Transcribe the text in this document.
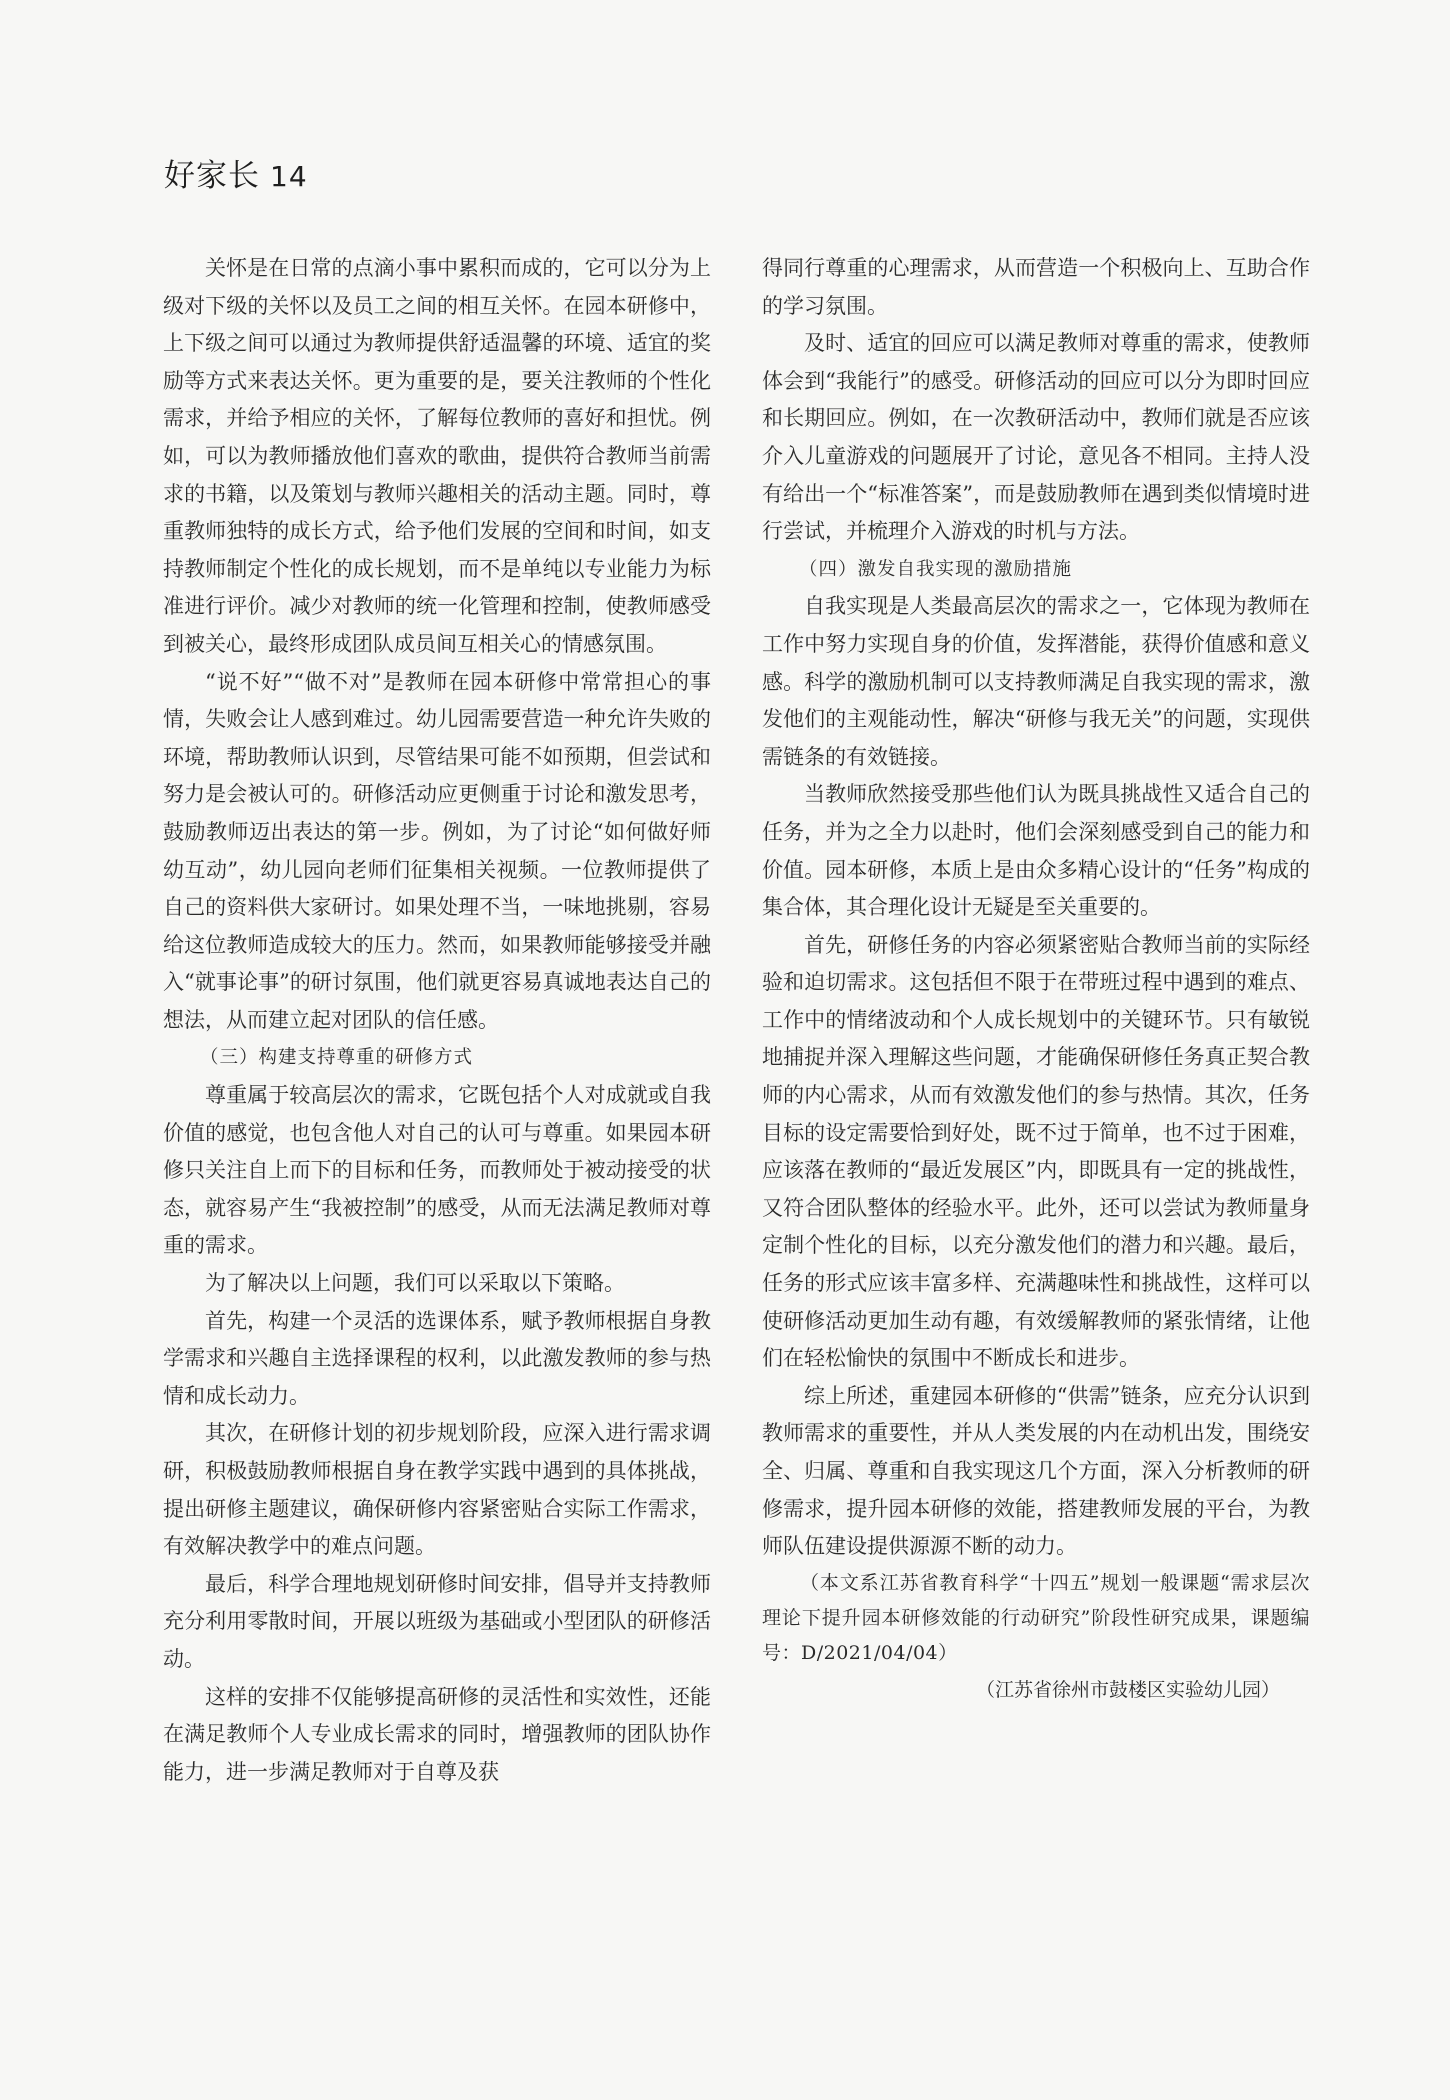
好家长 14

关怀是在日常的点滴小事中累积而成的，它可以分为上级对下级的关怀以及员工之间的相互关怀。在园本研修中，上下级之间可以通过为教师提供舒适温馨的环境、适宜的奖励等方式来表达关怀。更为重要的是，要关注教师的个性化需求，并给予相应的关怀，了解每位教师的喜好和担忧。例如，可以为教师播放他们喜欢的歌曲，提供符合教师当前需求的书籍，以及策划与教师兴趣相关的活动主题。同时，尊重教师独特的成长方式，给予他们发展的空间和时间，如支持教师制定个性化的成长规划，而不是单纯以专业能力为标准进行评价。减少对教师的统一化管理和控制，使教师感受到被关心，最终形成团队成员间互相关心的情感氛围。

“说不好”“做不对”是教师在园本研修中常常担心的事情，失败会让人感到难过。幼儿园需要营造一种允许失败的环境，帮助教师认识到，尽管结果可能不如预期，但尝试和努力是会被认可的。研修活动应更侧重于讨论和激发思考，鼓励教师迈出表达的第一步。例如，为了讨论“如何做好师幼互动”，幼儿园向老师们征集相关视频。一位教师提供了自己的资料供大家研讨。如果处理不当，一味地挑剔，容易给这位教师造成较大的压力。然而，如果教师能够接受并融入“就事论事”的研讨氛围，他们就更容易真诚地表达自己的想法，从而建立起对团队的信任感。

（三）构建支持尊重的研修方式

尊重属于较高层次的需求，它既包括个人对成就或自我价值的感觉，也包含他人对自己的认可与尊重。如果园本研修只关注自上而下的目标和任务，而教师处于被动接受的状态，就容易产生“我被控制”的感受，从而无法满足教师对尊重的需求。

为了解决以上问题，我们可以采取以下策略。

首先，构建一个灵活的选课体系，赋予教师根据自身教学需求和兴趣自主选择课程的权利，以此激发教师的参与热情和成长动力。

其次，在研修计划的初步规划阶段，应深入进行需求调研，积极鼓励教师根据自身在教学实践中遇到的具体挑战，提出研修主题建议，确保研修内容紧密贴合实际工作需求，有效解决教学中的难点问题。

最后，科学合理地规划研修时间安排，倡导并支持教师充分利用零散时间，开展以班级为基础或小型团队的研修活动。

这样的安排不仅能够提高研修的灵活性和实效性，还能在满足教师个人专业成长需求的同时，增强教师的团队协作能力，进一步满足教师对于自尊及获

得同行尊重的心理需求，从而营造一个积极向上、互助合作的学习氛围。

及时、适宜的回应可以满足教师对尊重的需求，使教师体会到“我能行”的感受。研修活动的回应可以分为即时回应和长期回应。例如，在一次教研活动中，教师们就是否应该介入儿童游戏的问题展开了讨论，意见各不相同。主持人没有给出一个“标准答案”，而是鼓励教师在遇到类似情境时进行尝试，并梳理介入游戏的时机与方法。

（四）激发自我实现的激励措施

自我实现是人类最高层次的需求之一，它体现为教师在工作中努力实现自身的价值，发挥潜能，获得价值感和意义感。科学的激励机制可以支持教师满足自我实现的需求，激发他们的主观能动性，解决“研修与我无关”的问题，实现供需链条的有效链接。

当教师欣然接受那些他们认为既具挑战性又适合自己的任务，并为之全力以赴时，他们会深刻感受到自己的能力和价值。园本研修，本质上是由众多精心设计的“任务”构成的集合体，其合理化设计无疑是至关重要的。

首先，研修任务的内容必须紧密贴合教师当前的实际经验和迫切需求。这包括但不限于在带班过程中遇到的难点、工作中的情绪波动和个人成长规划中的关键环节。只有敏锐地捕捉并深入理解这些问题，才能确保研修任务真正契合教师的内心需求，从而有效激发他们的参与热情。其次，任务目标的设定需要恰到好处，既不过于简单，也不过于困难，应该落在教师的“最近发展区”内，即既具有一定的挑战性，又符合团队整体的经验水平。此外，还可以尝试为教师量身定制个性化的目标，以充分激发他们的潜力和兴趣。最后，任务的形式应该丰富多样、充满趣味性和挑战性，这样可以使研修活动更加生动有趣，有效缓解教师的紧张情绪，让他们在轻松愉快的氛围中不断成长和进步。

综上所述，重建园本研修的“供需”链条，应充分认识到教师需求的重要性，并从人类发展的内在动机出发，围绕安全、归属、尊重和自我实现这几个方面，深入分析教师的研修需求，提升园本研修的效能，搭建教师发展的平台，为教师队伍建设提供源源不断的动力。

（本文系江苏省教育科学“十四五”规划一般课题“需求层次理论下提升园本研修效能的行动研究”阶段性研究成果，课题编号：D/2021/04/04）

（江苏省徐州市鼓楼区实验幼儿园）
